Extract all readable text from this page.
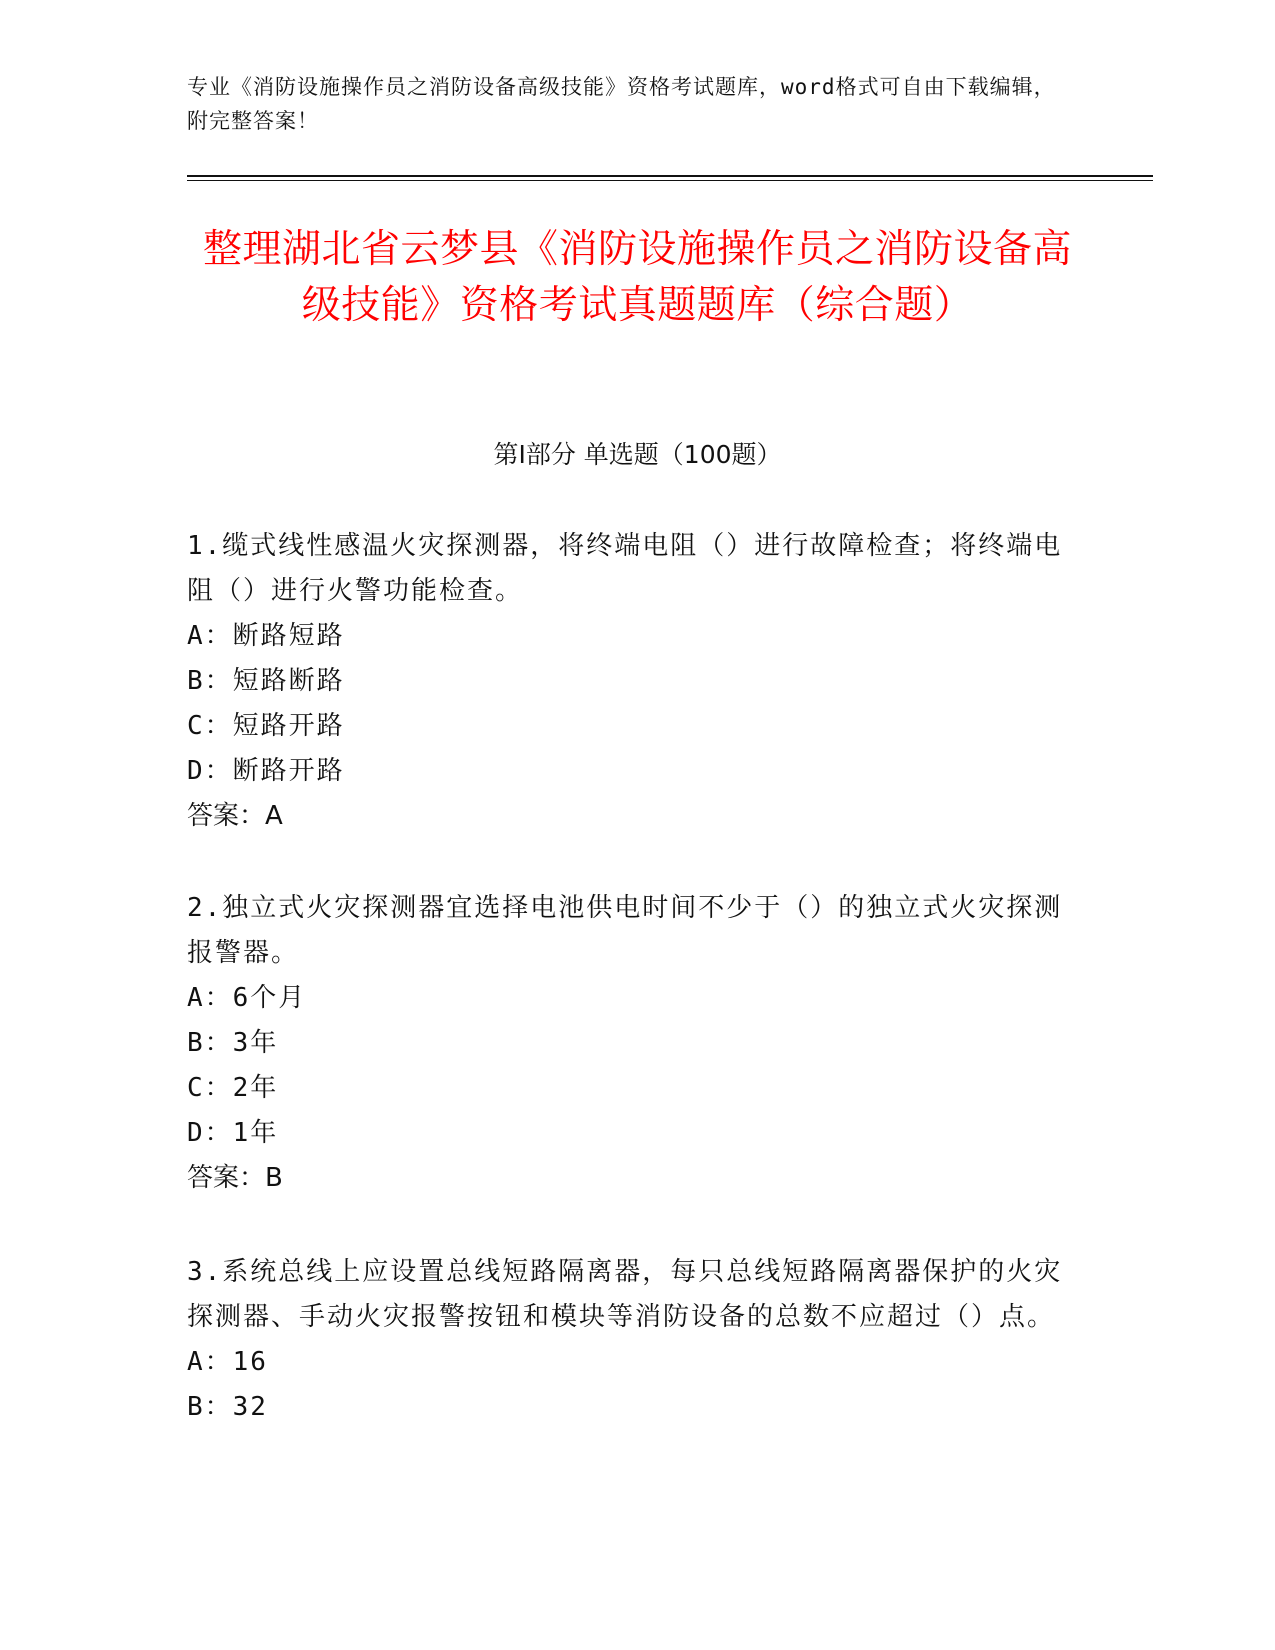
专业《消防设施操作员之消防设备高级技能》资格考试题库，word格式可自由下载编辑，附完整答案！
整理湖北省云梦县《消防设施操作员之消防设备高级技能》资格考试真题题库（综合题）
第Ⅰ部分 单选题（100题）
1.缆式线性感温火灾探测器，将终端电阻（）进行故障检查；将终端电阻（）进行火警功能检查。
A：断路短路
B：短路断路
C：短路开路
D：断路开路
答案：A
2.独立式火灾探测器宜选择电池供电时间不少于（）的独立式火灾探测报警器。
A：6个月
B：3年
C：2年
D：1年
答案：B
3.系统总线上应设置总线短路隔离器，每只总线短路隔离器保护的火灾探测器、手动火灾报警按钮和模块等消防设备的总数不应超过（）点。
A：16
B：32
